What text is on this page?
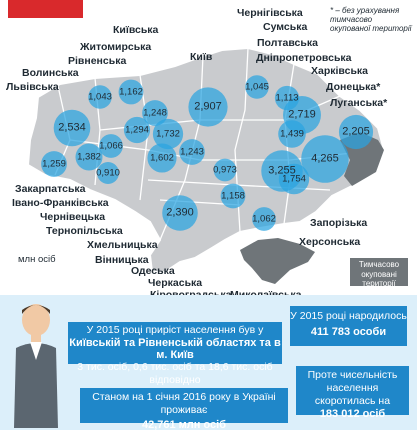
1,043 1,162
1,248
1,732
2,907
1,045
1,113
1,439
2,719
2,205
4,265
3,255
1,754
1,062
1,158
2,390
0,973
1,243
1,602
1,294
1,066
0,910
1,382
1,259
2,534
Волинська
Рівненська
Житомирська
Київська
Київ
Чернігівська
Сумська
Полтавська
Харківська
Луганська*
Донецька*
Дніпропетровська
Запорізька
Херсонська
Одеська
Черкаська
Вінницька
Хмельницька
Тернопільська
Чернівецька
Івано-Франківська
Закарпатська
Львівська
* – без урахування тимчасово окупованої території
млн осіб	Тимчасово окуповані території
У 2015 році приріст населення був у
Київській та Рівненській областях та в м. Київ
3 тис. осіб, 0,6 тис. осіб та 18,6 тис. осіб відповідно
У 2015 році народилось
411 783 особи
Станом на 1 січня 2016 року в Україні проживає
42,761 млн осіб
Проте чисельність населення
скоротилась на
183 012 осіб
